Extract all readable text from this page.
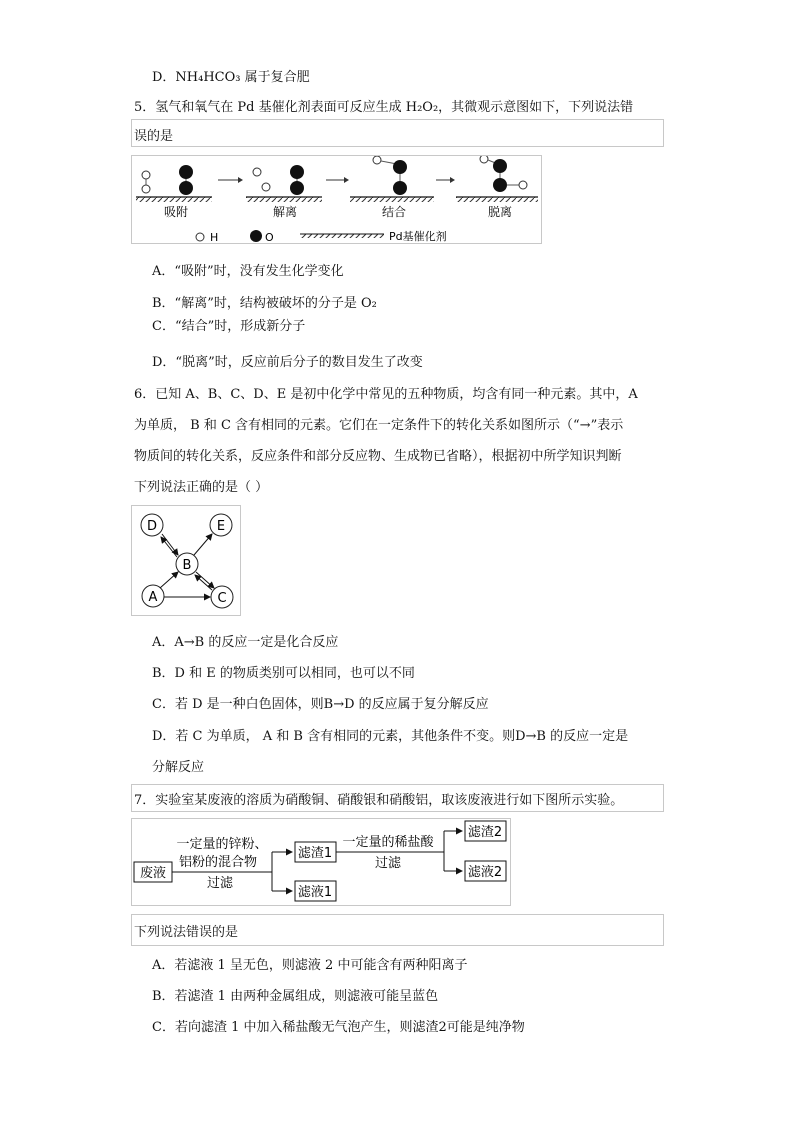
D．NH₄HCO₃ 属于复合肥
5．氢气和氧气在 Pd 基催化剂表面可反应生成 H₂O₂，其微观示意图如下，下列说法错
误的是
吸附	解离	结合	脱离
H	O	Pd基催化剂
A．“吸附”时，没有发生化学变化
B．“解离”时，结构被破坏的分子是 O₂
C．“结合”时，形成新分子
D．“脱离”时，反应前后分子的数目发生了改变
6．已知 A、B、C、D、E 是初中化学中常见的五种物质，均含有同一种元素。其中，A
为单质， B 和 C 含有相同的元素。它们在一定条件下的转化关系如图所示（“→”表示
物质间的转化关系，反应条件和部分反应物、生成物已省略），根据初中所学知识判断
下列说法正确的是（ ）
D	E
B
A	C
A．A→B 的反应一定是化合反应
B．D 和 E 的物质类别可以相同，也可以不同
C．若 D 是一种白色固体，则B→D 的反应属于复分解反应
D．若 C 为单质， A 和 B 含有相同的元素，其他条件不变。则D→B 的反应一定是
分解反应
7．实验室某废液的溶质为硝酸铜、硝酸银和硝酸铝，取该废液进行如下图所示实验。
废液
一定量的锌粉、
铝粉的混合物
过滤
滤渣1
滤液1
一定量的稀盐酸
过滤
滤渣2
滤液2
下列说法错误的是
A．若滤液 1 呈无色，则滤液 2 中可能含有两种阳离子
B．若滤渣 1 由两种金属组成，则滤液可能呈蓝色
C．若向滤渣 1 中加入稀盐酸无气泡产生，则滤渣2可能是纯净物
